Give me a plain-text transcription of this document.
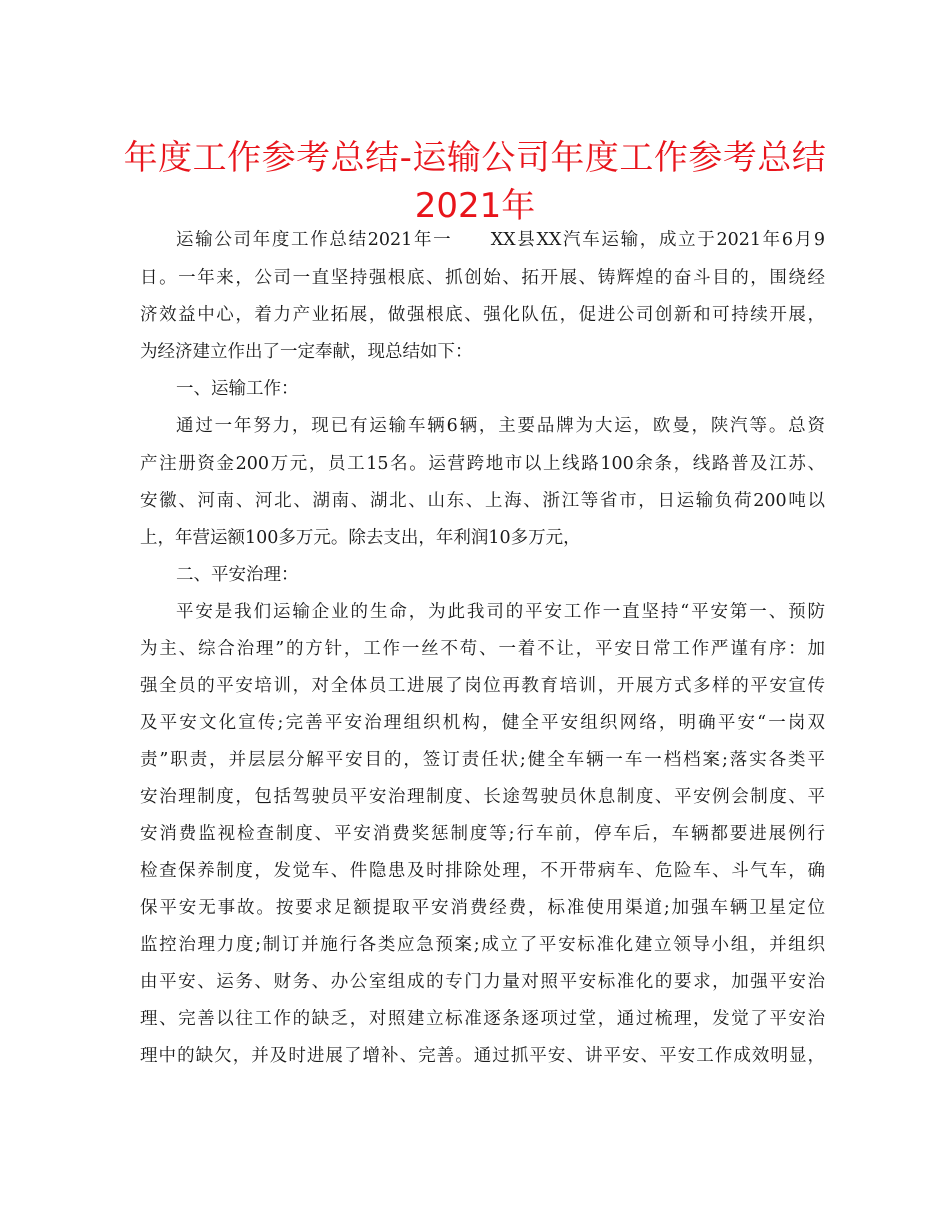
年度工作参考总结-运输公司年度工作参考总结
2021年

运输公司年度工作总结2021年一　　XX县XX汽车运输，成立于2021年6月9

日。一年来，公司一直坚持强根底、抓创始、拓开展、铸辉煌的奋斗目的，围绕经

济效益中心，着力产业拓展，做强根底、强化队伍，促进公司创新和可持续开展，

为经济建立作出了一定奉献，现总结如下：

一、运输工作：

通过一年努力，现已有运输车辆6辆，主要品牌为大运，欧曼，陕汽等。总资

产注册资金200万元，员工15名。运营跨地市以上线路100余条，线路普及江苏、

安徽、河南、河北、湖南、湖北、山东、上海、浙江等省市，日运输负荷200吨以

上，年营运额100多万元。除去支出，年利润10多万元，

二、平安治理：

平安是我们运输企业的生命，为此我司的平安工作一直坚持“平安第一、预防

为主、综合治理”的方针，工作一丝不苟、一着不让，平安日常工作严谨有序：加

强全员的平安培训，对全体员工进展了岗位再教育培训，开展方式多样的平安宣传

及平安文化宣传;完善平安治理组织机构，健全平安组织网络，明确平安“一岗双

责”职责，并层层分解平安目的，签订责任状;健全车辆一车一档档案;落实各类平

安治理制度，包括驾驶员平安治理制度、长途驾驶员休息制度、平安例会制度、平

安消费监视检查制度、平安消费奖惩制度等;行车前，停车后，车辆都要进展例行

检查保养制度，发觉车、件隐患及时排除处理，不开带病车、危险车、斗气车，确

保平安无事故。按要求足额提取平安消费经费，标准使用渠道;加强车辆卫星定位

监控治理力度;制订并施行各类应急预案;成立了平安标准化建立领导小组，并组织

由平安、运务、财务、办公室组成的专门力量对照平安标准化的要求，加强平安治

理、完善以往工作的缺乏，对照建立标准逐条逐项过堂，通过梳理，发觉了平安治

理中的缺欠，并及时进展了增补、完善。通过抓平安、讲平安、平安工作成效明显，
